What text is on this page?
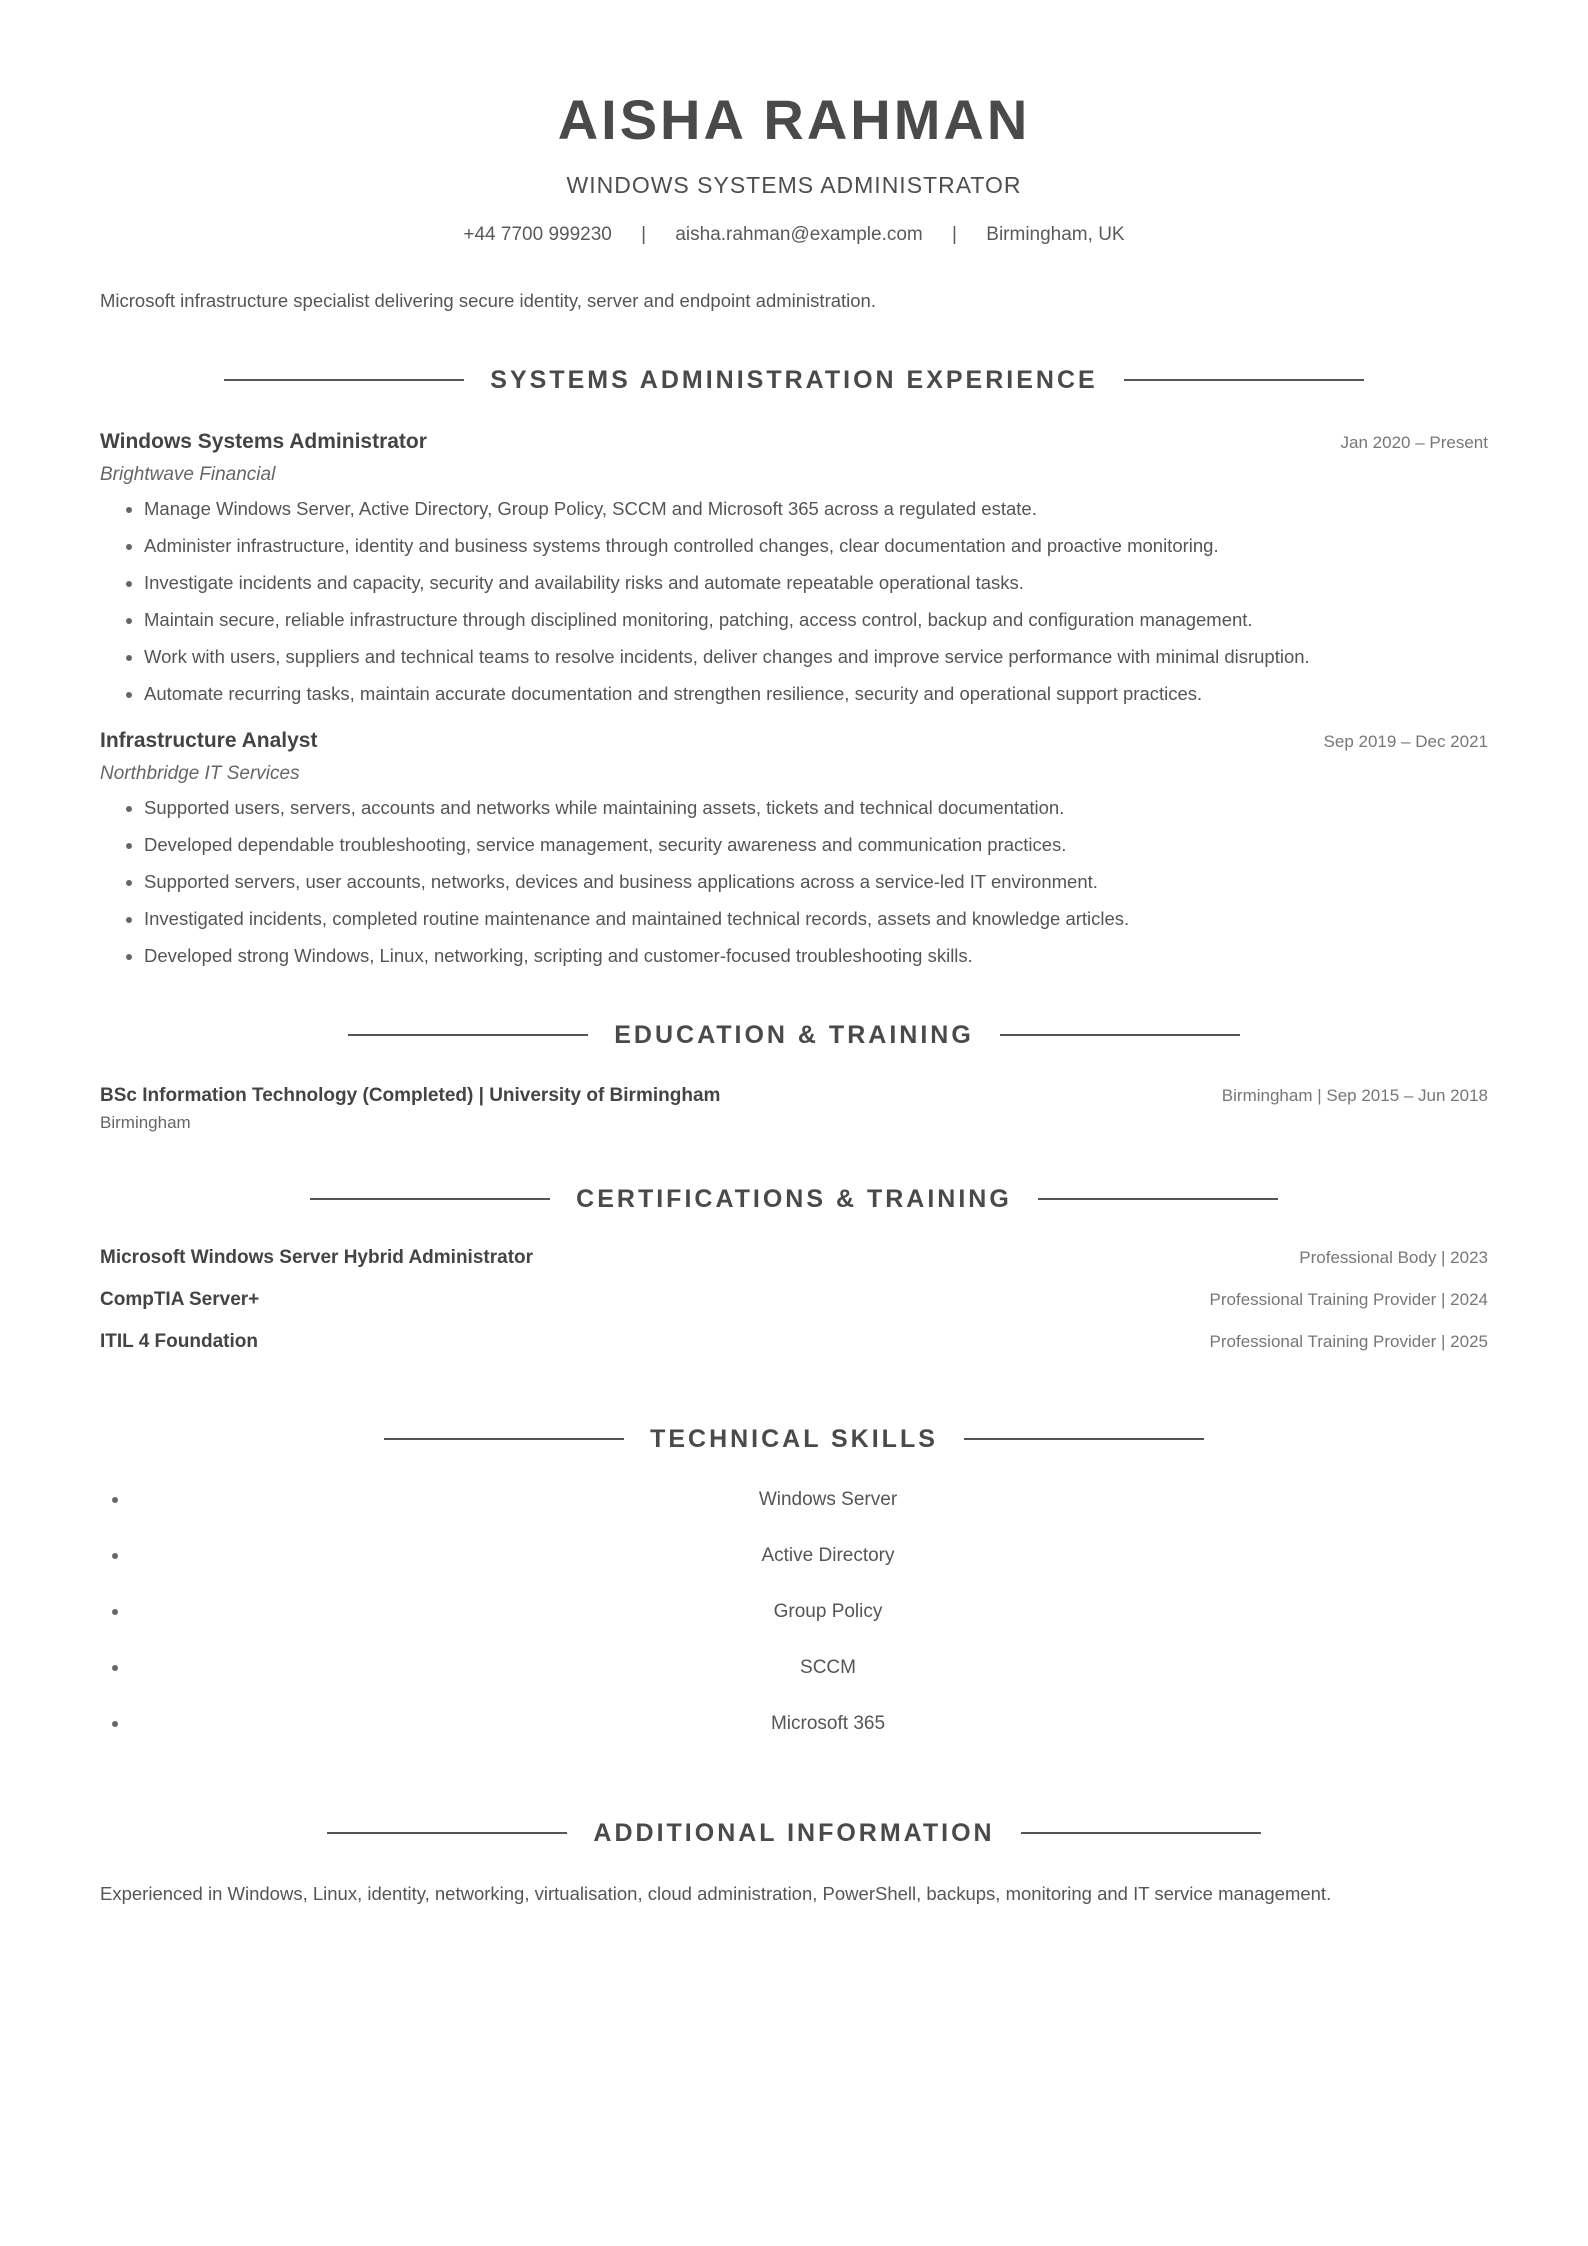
AISHA RAHMAN
WINDOWS SYSTEMS ADMINISTRATOR
+44 7700 999230 | aisha.rahman@example.com | Birmingham, UK

Microsoft infrastructure specialist delivering secure identity, server and endpoint administration.

SYSTEMS ADMINISTRATION EXPERIENCE
Windows Systems Administrator	Jan 2020 – Present
Brightwave Financial
• Manage Windows Server, Active Directory, Group Policy, SCCM and Microsoft 365 across a regulated estate.
• Administer infrastructure, identity and business systems through controlled changes, clear documentation and proactive monitoring.
• Investigate incidents and capacity, security and availability risks and automate repeatable operational tasks.
• Maintain secure, reliable infrastructure through disciplined monitoring, patching, access control, backup and configuration management.
• Work with users, suppliers and technical teams to resolve incidents, deliver changes and improve service performance with minimal disruption.
• Automate recurring tasks, maintain accurate documentation and strengthen resilience, security and operational support practices.
Infrastructure Analyst	Sep 2019 – Dec 2021
Northbridge IT Services
• Supported users, servers, accounts and networks while maintaining assets, tickets and technical documentation.
• Developed dependable troubleshooting, service management, security awareness and communication practices.
• Supported servers, user accounts, networks, devices and business applications across a service-led IT environment.
• Investigated incidents, completed routine maintenance and maintained technical records, assets and knowledge articles.
• Developed strong Windows, Linux, networking, scripting and customer-focused troubleshooting skills.
EDUCATION & TRAINING
BSc Information Technology (Completed) | University of Birmingham	Birmingham | Sep 2015 – Jun 2018
Birmingham
CERTIFICATIONS & TRAINING
Microsoft Windows Server Hybrid Administrator	Professional Body | 2023
CompTIA Server+	Professional Training Provider | 2024
ITIL 4 Foundation	Professional Training Provider | 2025
TECHNICAL SKILLS
Windows Server
Active Directory
Group Policy
SCCM
Microsoft 365
ADDITIONAL INFORMATION

Experienced in Windows, Linux, identity, networking, virtualisation, cloud administration, PowerShell, backups, monitoring and IT service management.
